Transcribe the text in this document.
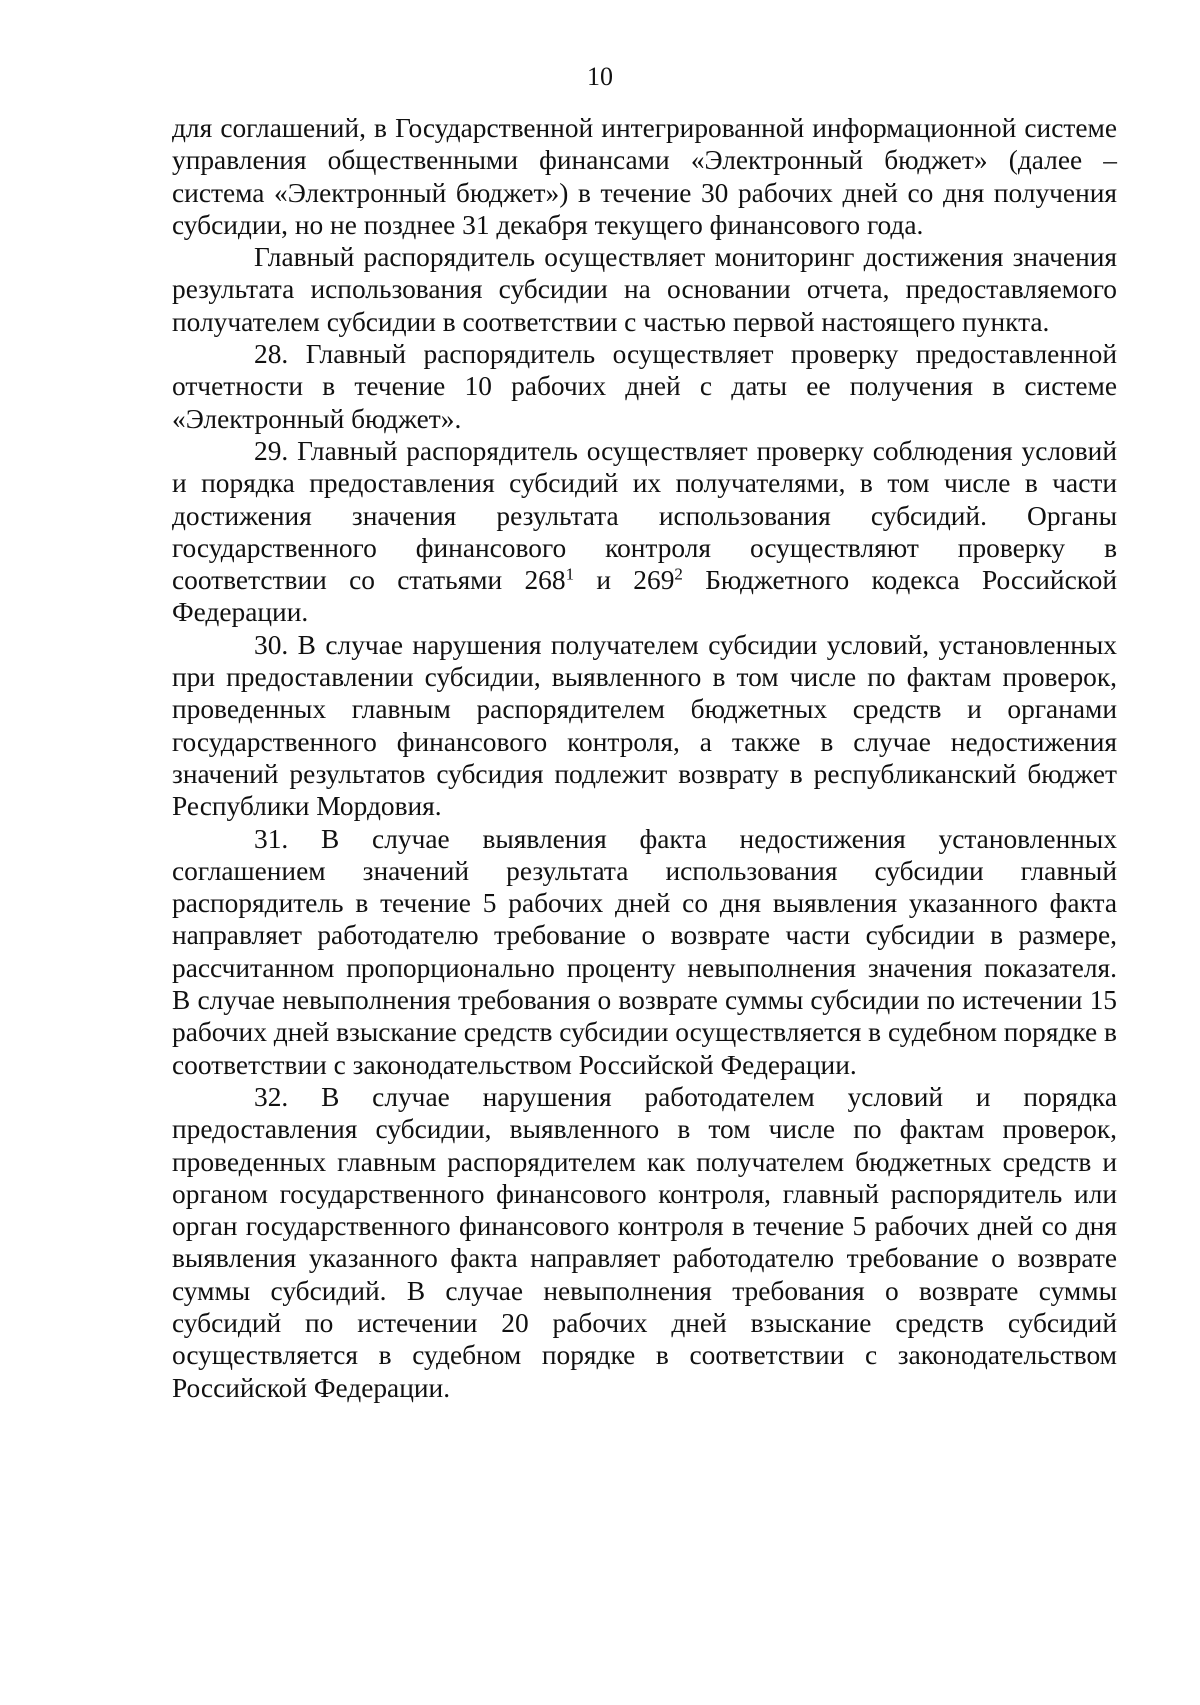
10

для соглашений, в Государственной интегрированной информационной системе управления общественными финансами «Электронный бюджет» (далее – система «Электронный бюджет») в течение 30 рабочих дней со дня получения субсидии, но не позднее 31 декабря текущего финансового года.

Главный распорядитель осуществляет мониторинг достижения значения результата использования субсидии на основании отчета, предоставляемого получателем субсидии в соответствии с частью первой настоящего пункта.

28. Главный распорядитель осуществляет проверку предоставленной отчетности в течение 10 рабочих дней с даты ее получения в системе «Электронный бюджет».

29. Главный распорядитель осуществляет проверку соблюдения условий и порядка предоставления субсидий их получателями, в том числе в части достижения значения результата использования субсидий. Органы государственного финансового контроля осуществляют проверку в соответствии со статьями $268^1$ и $269^2$ Бюджетного кодекса Российской Федерации.

30. В случае нарушения получателем субсидии условий, установленных при предоставлении субсидии, выявленного в том числе по фактам проверок, проведенных главным распорядителем бюджетных средств и органами государственного финансового контроля, а также в случае недостижения значений результатов субсидия подлежит возврату в республиканский бюджет Республики Мордовия.

31. В случае выявления факта недостижения установленных соглашением значений результата использования субсидии главный распорядитель в течение 5 рабочих дней со дня выявления указанного факта направляет работодателю требование о возврате части субсидии в размере, рассчитанном пропорционально проценту невыполнения значения показателя. В случае невыполнения требования о возврате суммы субсидии по истечении 15 рабочих дней взыскание средств субсидии осуществляется в судебном порядке в соответствии с законодательством Российской Федерации.

32. В случае нарушения работодателем условий и порядка предоставления субсидии, выявленного в том числе по фактам проверок, проведенных главным распорядителем как получателем бюджетных средств и органом государственного финансового контроля, главный распорядитель или орган государственного финансового контроля в течение 5 рабочих дней со дня выявления указанного факта направляет работодателю требование о возврате суммы субсидий. В случае невыполнения требования о возврате суммы субсидий по истечении 20 рабочих дней взыскание средств субсидий осуществляется в судебном порядке в соответствии с законодательством Российской Федерации.
